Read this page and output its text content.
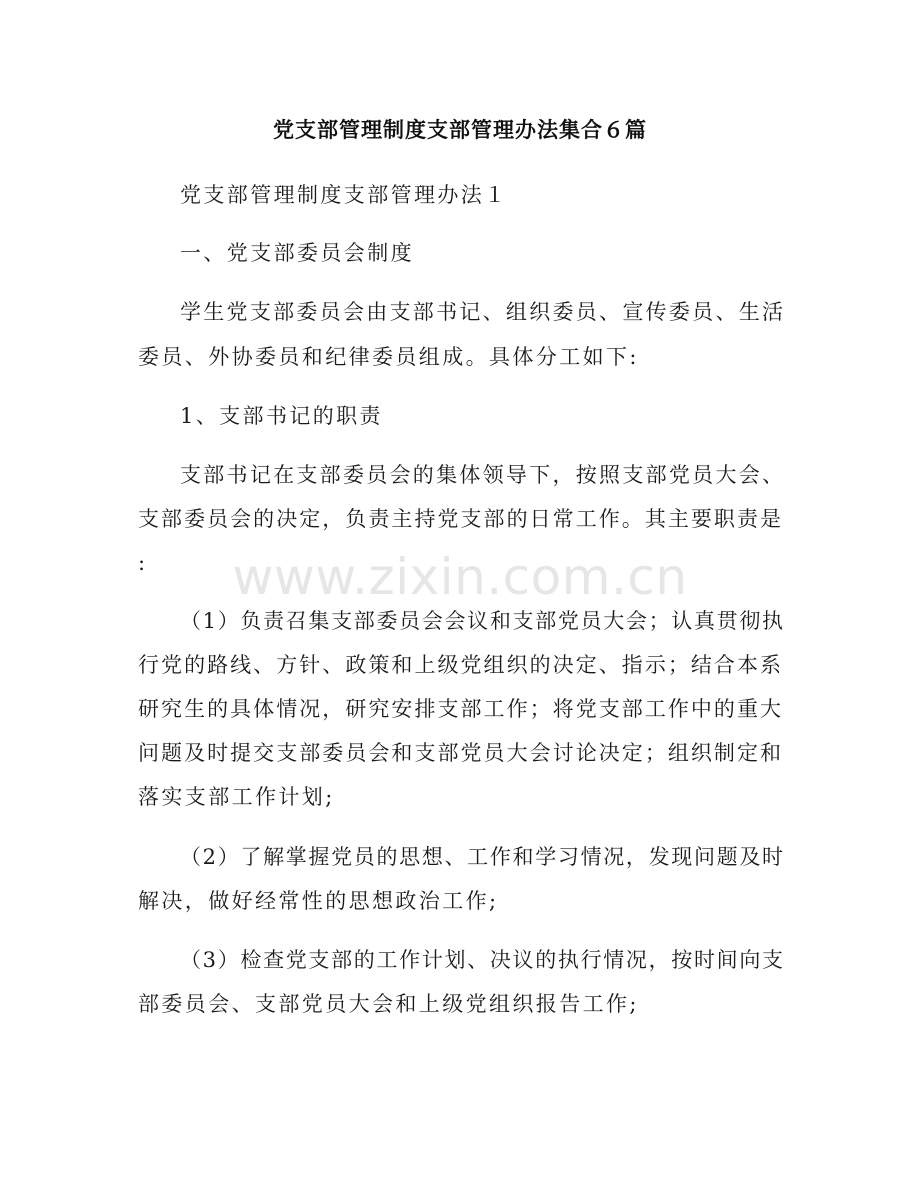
党支部管理制度支部管理办法集合６篇
www.zixin.com.cn
党支部管理制度支部管理办法１
一、党支部委员会制度
学生党支部委员会由支部书记、组织委员、宣传委员、生活
委员、外协委员和纪律委员组成。具体分工如下:
1、支部书记的职责
支部书记在支部委员会的集体领导下，按照支部党员大会、
支部委员会的决定，负责主持党支部的日常工作。其主要职责是
:
（1）负责召集支部委员会会议和支部党员大会；认真贯彻执
行党的路线、方针、政策和上级党组织的决定、指示；结合本系
研究生的具体情况，研究安排支部工作；将党支部工作中的重大
问题及时提交支部委员会和支部党员大会讨论决定；组织制定和
落实支部工作计划;
（2）了解掌握党员的思想、工作和学习情况，发现问题及时
解决，做好经常性的思想政治工作;
（3）检查党支部的工作计划、决议的执行情况，按时间向支
部委员会、支部党员大会和上级党组织报告工作;
